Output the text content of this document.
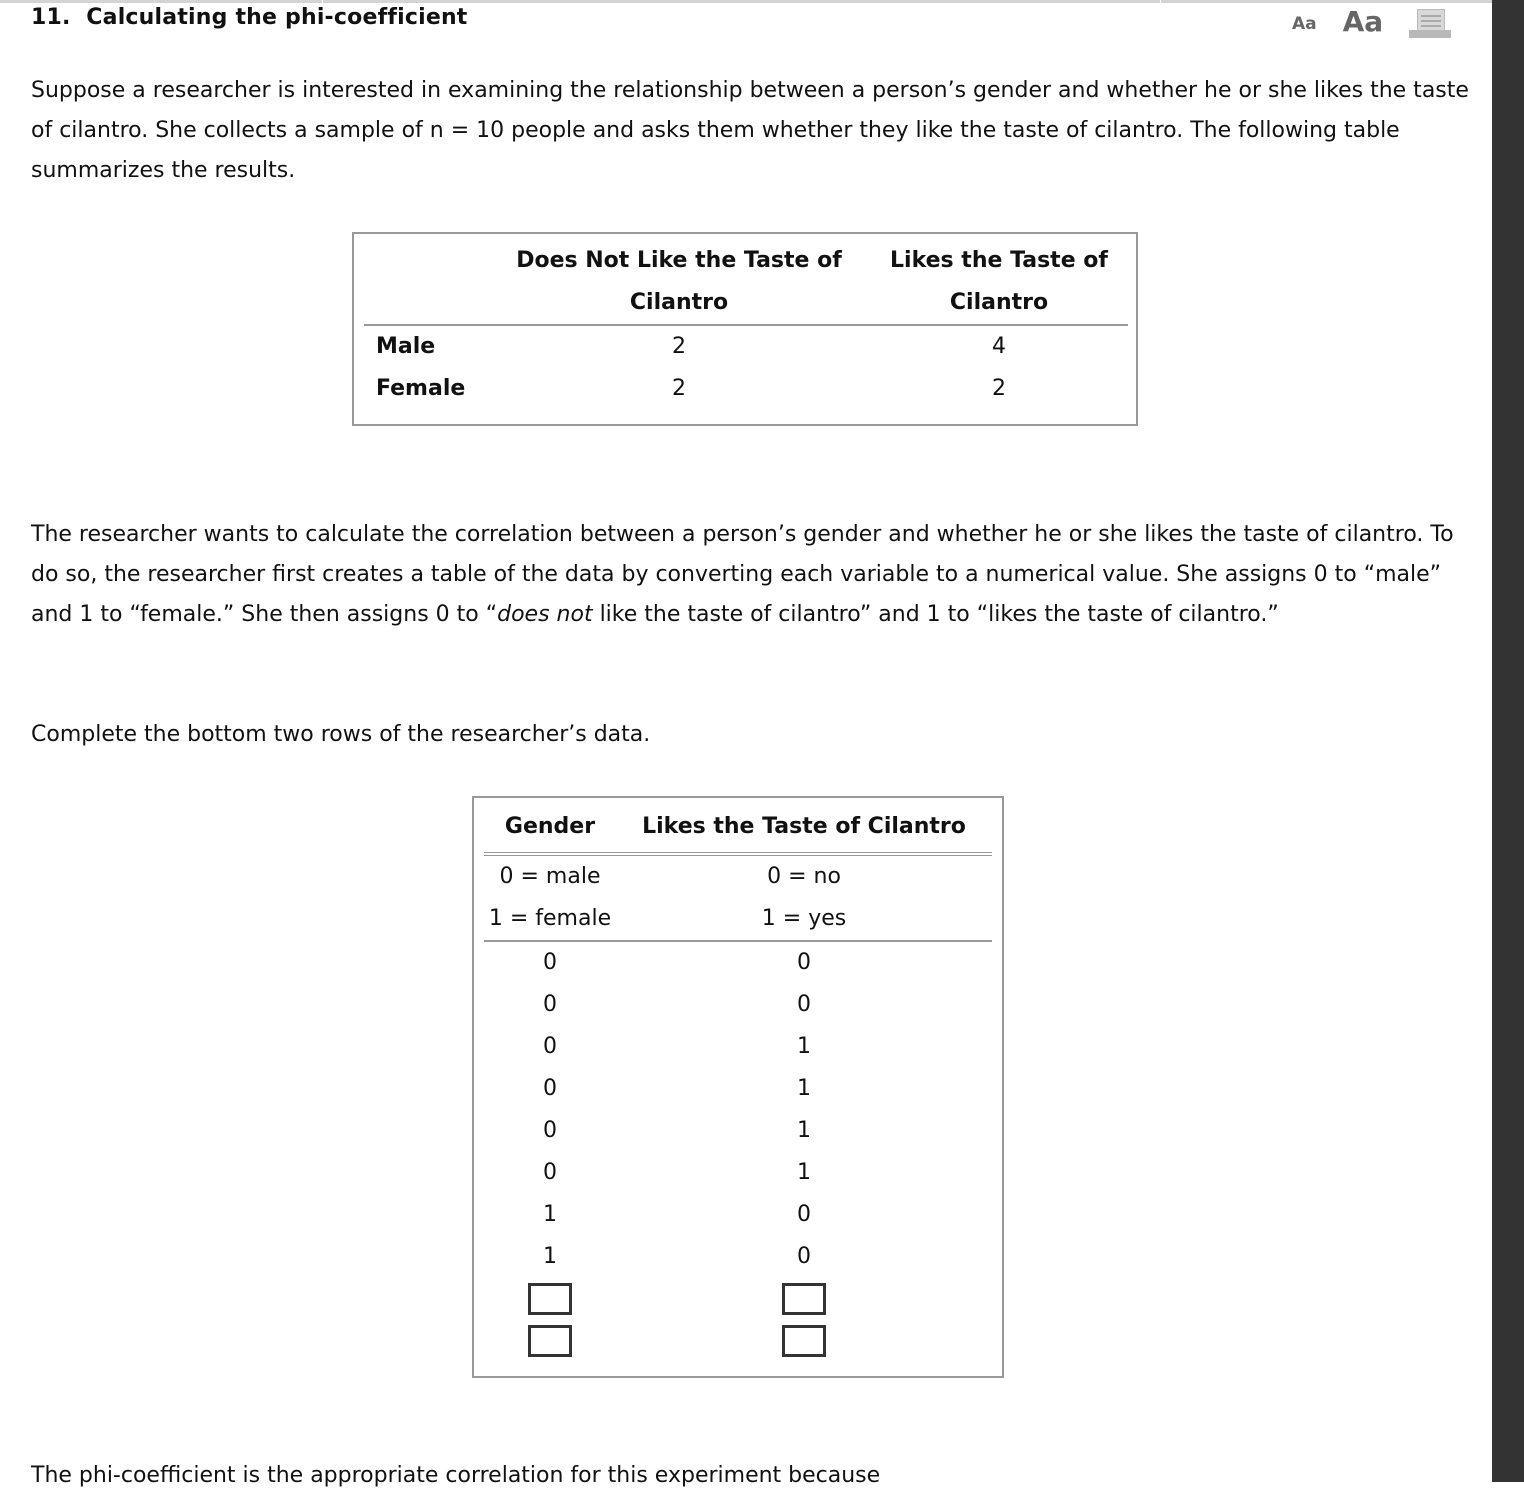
11. Calculating the phi-coefficient	Aa Aa

Suppose a researcher is interested in examining the relationship between a person’s gender and whether he or she likes the taste of cilantro. She collects a sample of n = 10 people and asks them whether they like the taste of cilantro. The following table summarizes the results.

	Does Not Like the Taste of		Likes the Taste of
	Cilantro		Cilantro
Male	2		4
Female	2		2

The researcher wants to calculate the correlation between a person’s gender and whether he or she likes the taste of cilantro. To do so, the researcher first creates a table of the data by converting each variable to a numerical value. She assigns 0 to “male” and 1 to “female.” She then assigns 0 to “does not like the taste of cilantro” and 1 to “likes the taste of cilantro.”

Complete the bottom two rows of the researcher’s data.

Gender	Likes the Taste of Cilantro
0 = male	0 = no
1 = female	1 = yes
0	0
0	0
0	1
0	1
0	1
0	1
1	0
1	0

The phi-coefficient is the appropriate correlation for this experiment because
